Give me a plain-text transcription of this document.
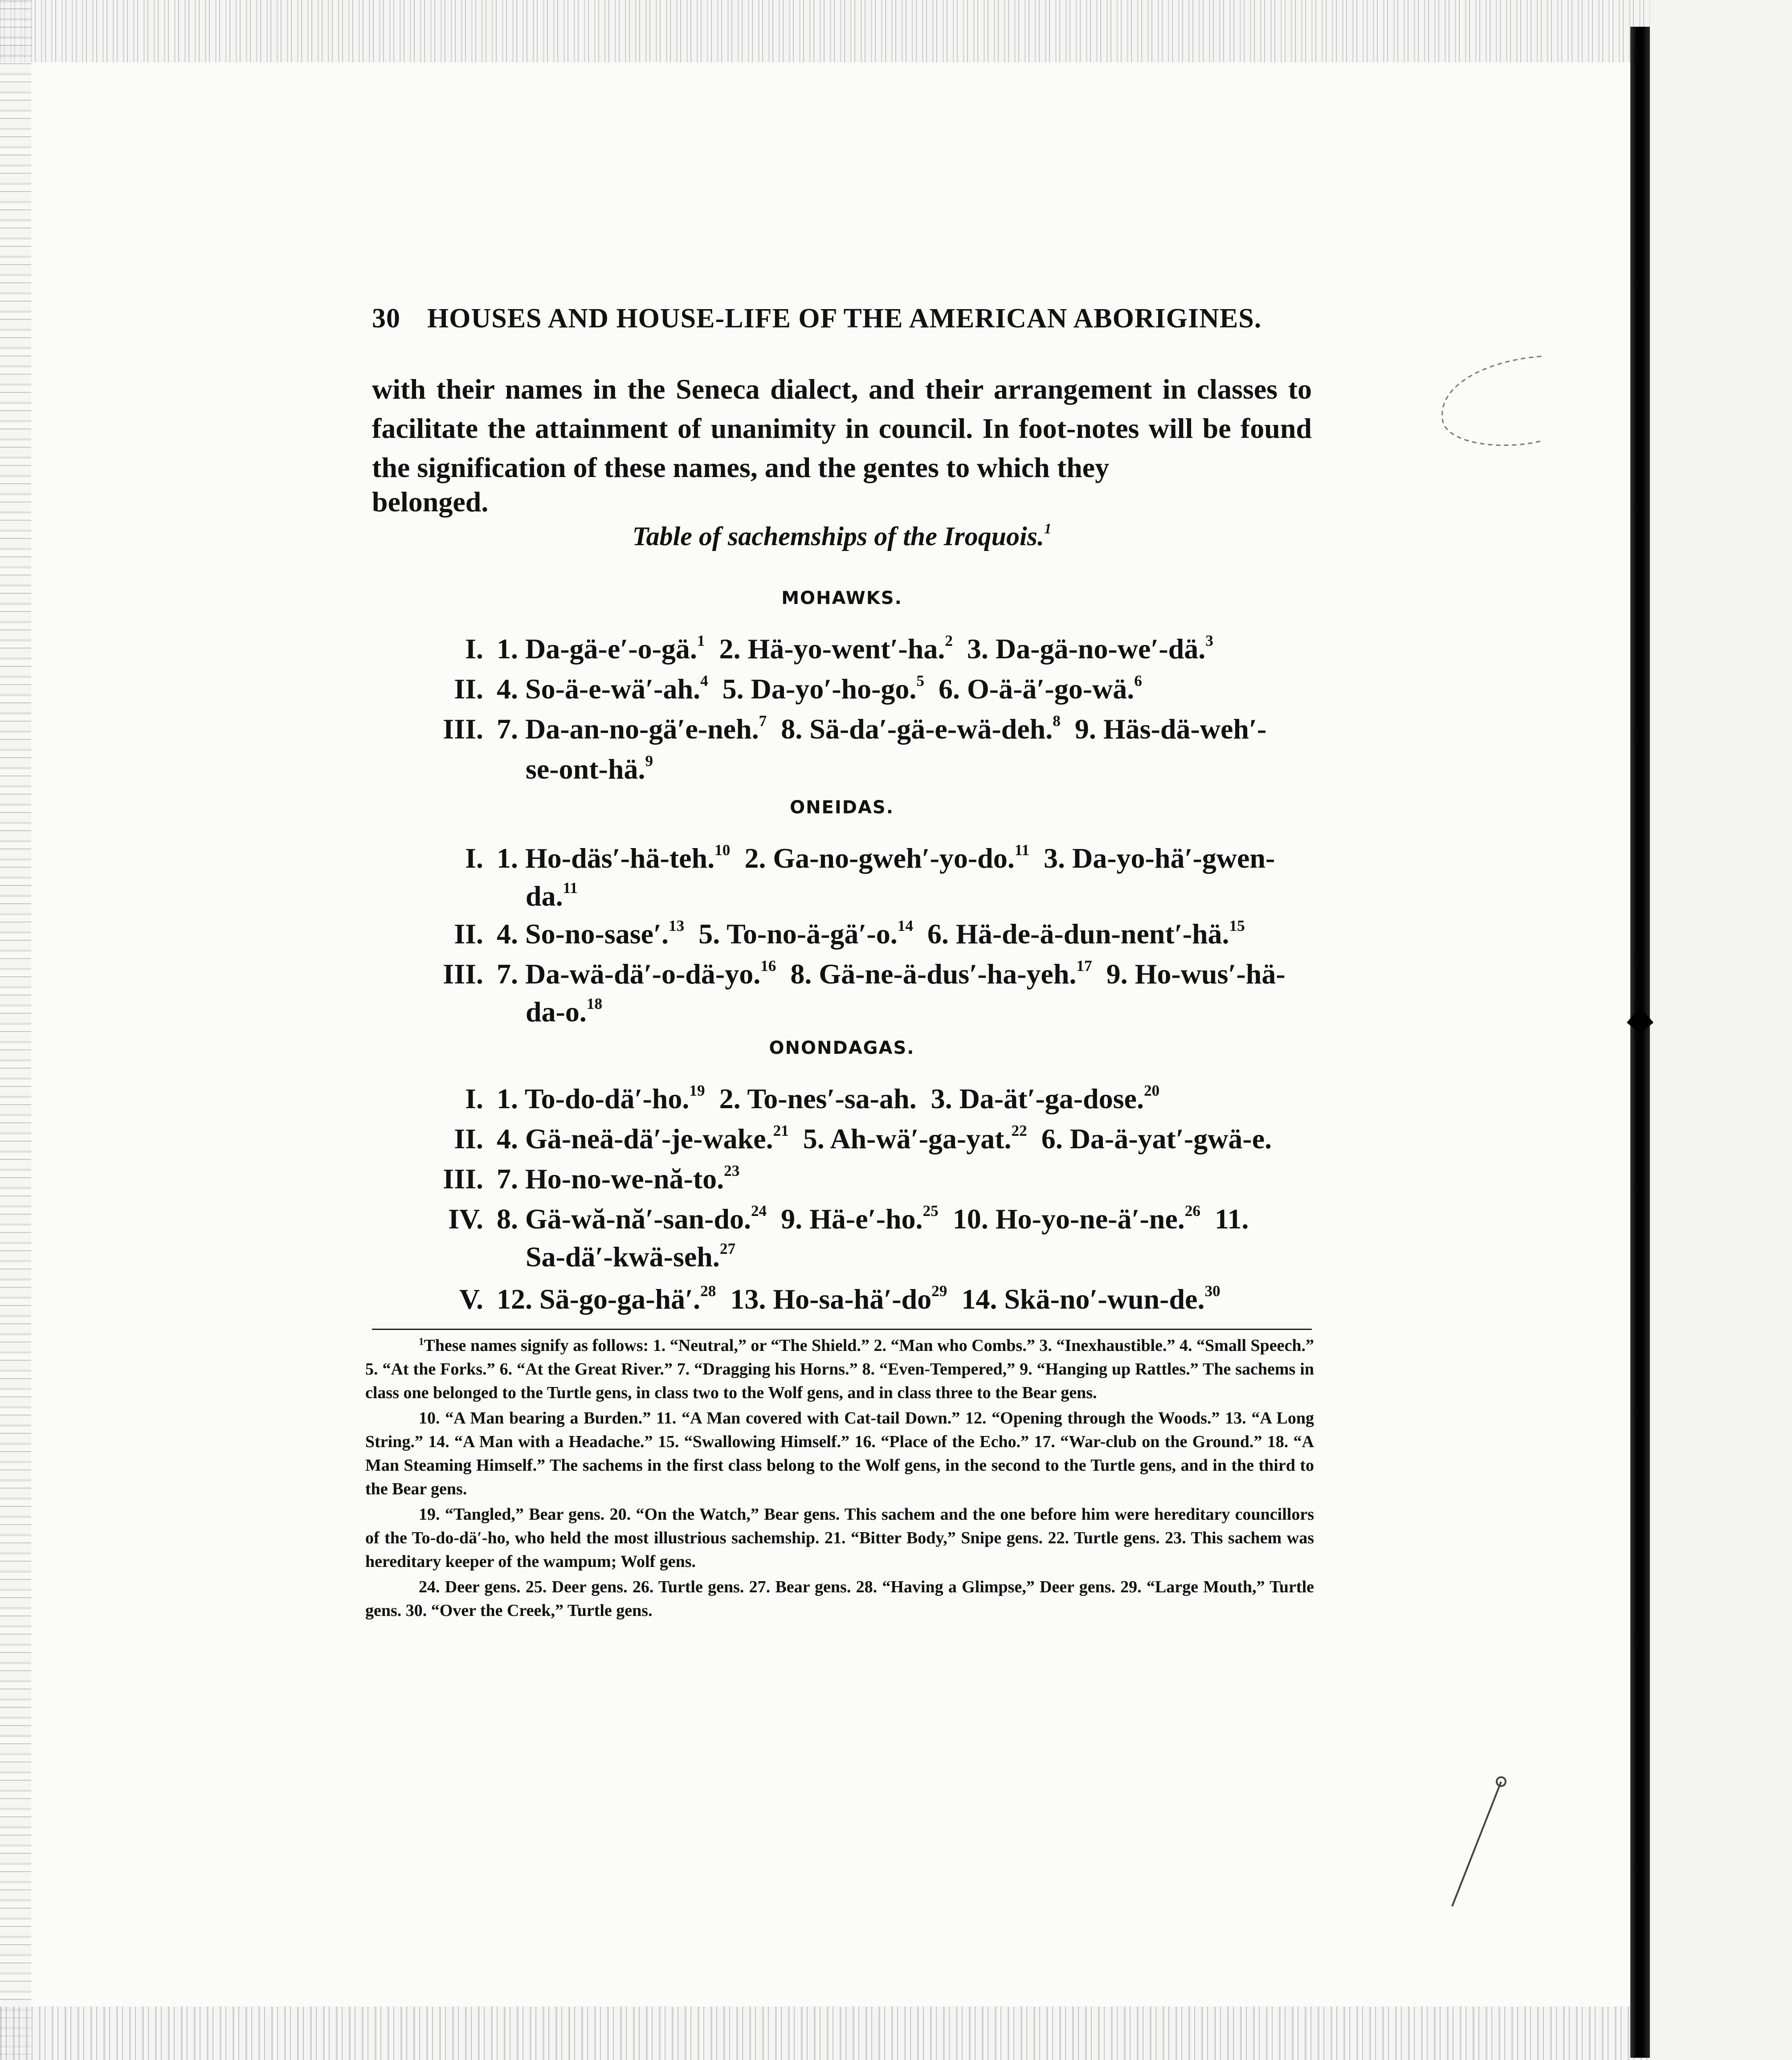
30 HOUSES AND HOUSE-LIFE OF THE AMERICAN ABORIGINES.
with their names in the Seneca dialect, and their arrangement in classes to facilitate the attainment of unanimity in council. In foot-notes will be found the signification of these names, and the gentes to which they
belonged.
Table of sachemships of the Iroquois.$^1$
MOHAWKS.
I. 1. Da-gä-e′-o-gä.$^1$ 2. Hä-yo-went′-ha.$^2$ 3. Da-gä-no-we′-dä.$^3$
II. 4. So-ä-e-wä′-ah.$^4$ 5. Da-yo′-ho-go.$^5$ 6. O-ä-ä′-go-wä.$^6$
III. 7. Da-an-no-gä′e-neh.$^7$ 8. Sä-da′-gä-e-wä-deh.$^8$ 9. Häs-dä-weh′-
se-ont-hä.$^9$
ONEIDAS.
I. 1. Ho-däs′-hä-teh.$^{10}$ 2. Ga-no-gweh′-yo-do.$^{11}$ 3. Da-yo-hä′-gwen-
da.$^{11}$
II. 4. So-no-sase′.$^{13}$ 5. To-no-ä-gä′-o.$^{14}$ 6. Hä-de-ä-dun-nent′-hä.$^{15}$
III. 7. Da-wä-dä′-o-dä-yo.$^{16}$ 8. Gä-ne-ä-dus′-ha-yeh.$^{17}$ 9. Ho-wus′-hä-
da-o.$^{18}$
ONONDAGAS.
I. 1. To-do-dä′-ho.$^{19}$ 2. To-nes′-sa-ah. 3. Da-ät′-ga-dose.$^{20}$
II. 4. Gä-neä-dä′-je-wake.$^{21}$ 5. Ah-wä′-ga-yat.$^{22}$ 6. Da-ä-yat′-gwä-e.
III. 7. Ho-no-we-nă-to.$^{23}$
IV. 8. Gä-wă-nă′-san-do.$^{24}$ 9. Hä-e′-ho.$^{25}$ 10. Ho-yo-ne-ä′-ne.$^{26}$ 11.
Sa-dä′-kwä-seh.$^{27}$
V. 12. Sä-go-ga-hä′.$^{28}$ 13. $Ho-sa-hä'-do^{29}$ 14. Skä-no′-wun-de.$^{30}$

$^1$These names signify as follows: 1. “Neutral,” or “The Shield.” 2. “Man who Combs.” 3. “Inexhaustible.” 4. “Small Speech.” 5. “At the Forks.” 6. “At the Great River.” 7. “Dragging his Horns.” 8. “Even-Tempered,” 9. “Hanging up Rattles.” The sachems in class one belonged to the Turtle gens, in class two to the Wolf gens, and in class three to the Bear gens.

10. “A Man bearing a Burden.” 11. “A Man covered with Cat-tail Down.” 12. “Opening through the Woods.” 13. “A Long String.” 14. “A Man with a Headache.” 15. “Swallowing Himself.” 16. “Place of the Echo.” 17. “War-club on the Ground.” 18. “A Man Steaming Himself.” The sachems in the first class belong to the Wolf gens, in the second to the Turtle gens, and in the third to the Bear gens.

19. “Tangled,” Bear gens. 20. “On the Watch,” Bear gens. This sachem and the one before him were hereditary councillors of the To-do-dä′-ho, who held the most illustrious sachemship. 21. “Bitter Body,” Snipe gens. 22. Turtle gens. 23. This sachem was hereditary keeper of the wampum; Wolf gens.

24. Deer gens. 25. Deer gens. 26. Turtle gens. 27. Bear gens. 28. “Having a Glimpse,” Deer gens. 29. “Large Mouth,” Turtle gens. 30. “Over the Creek,” Turtle gens.
